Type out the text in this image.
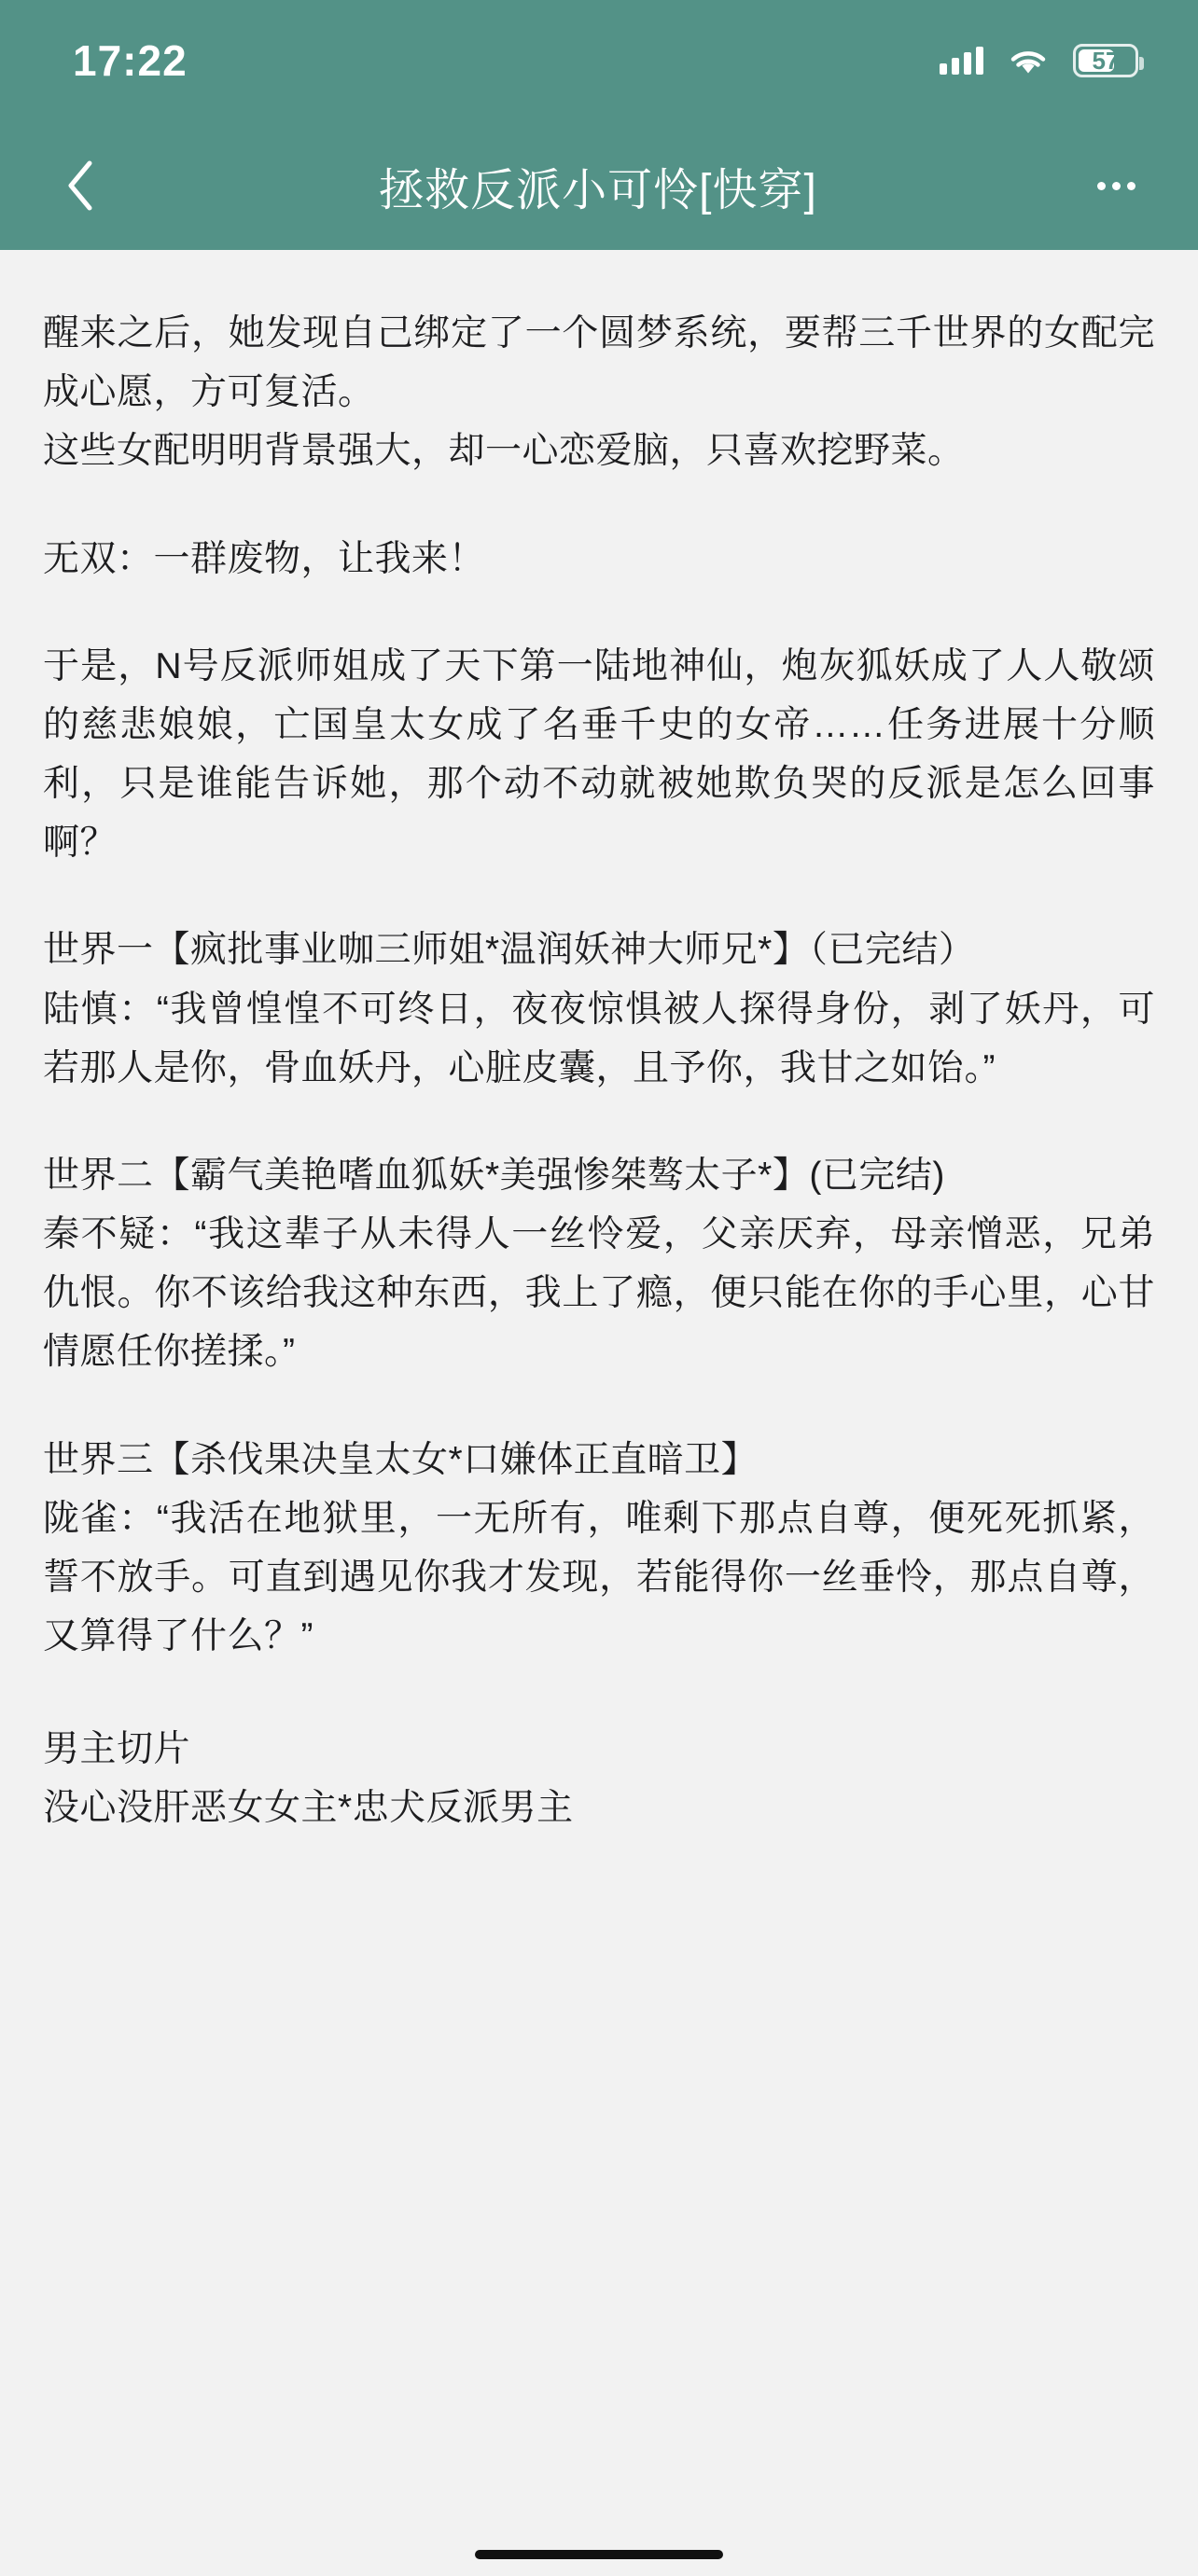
17:22	57
拯救反派小可怜[快穿]

醒来之后，她发现自己绑定了一个圆梦系统，要帮三千世界的女配完成心愿，方可复活。

这些女配明明背景强大，却一心恋爱脑，只喜欢挖野菜。

无双：一群废物，让我来！

于是，N号反派师姐成了天下第一陆地神仙，炮灰狐妖成了人人敬颂的慈悲娘娘，亡国皇太女成了名垂千史的女帝……任务进展十分顺利，只是谁能告诉她，那个动不动就被她欺负哭的反派是怎么回事啊？

世界一【疯批事业咖三师姐*温润妖神大师兄*】（已完结）

陆慎：“我曾惶惶不可终日，夜夜惊惧被人探得身份，剥了妖丹，可若那人是你，骨血妖丹，心脏皮囊，且予你，我甘之如饴。”

世界二【霸气美艳嗜血狐妖*美强惨桀骜太子*】(已完结)

秦不疑：“我这辈子从未得人一丝怜爱，父亲厌弃，母亲憎恶，兄弟仇恨。你不该给我这种东西，我上了瘾，便只能在你的手心里，心甘情愿任你搓揉。”

世界三【杀伐果决皇太女*口嫌体正直暗卫】

陇雀：“我活在地狱里，一无所有，唯剩下那点自尊，便死死抓紧，誓不放手。可直到遇见你我才发现，若能得你一丝垂怜，那点自尊，又算得了什么？”

男主切片

没心没肝恶女女主*忠犬反派男主
